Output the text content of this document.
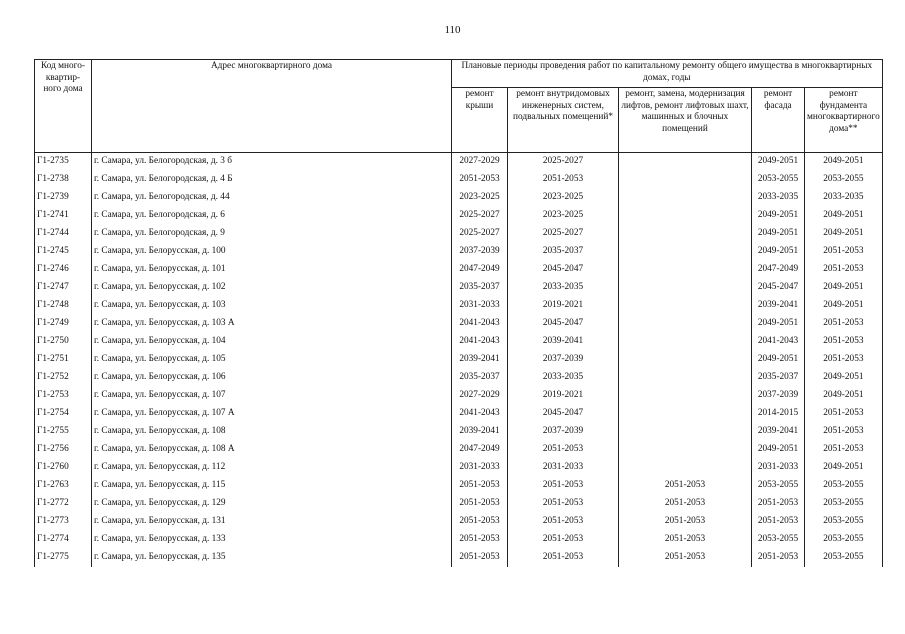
110
Код много-квартир-ного дома	Адрес многоквартирного дома	Плановые периоды проведения работ по капитальному ремонту общего имущества в многоквартирных домах, годы				
		ремонт крыши	ремонт внутридомовых инженерных систем, подвальных помещений*	ремонт, замена, модернизация лифтов, ремонт лифтовых шахт, машинных и блочных помещений	ремонт фасада	ремонт фундамента многоквартирного дома**
Г1-2735	г. Самара, ул. Белогородская, д. 3 б	2027-2029	2025-2027		2049-2051	2049-2051
Г1-2738	г. Самара, ул. Белогородская, д. 4 Б	2051-2053	2051-2053		2053-2055	2053-2055
Г1-2739	г. Самара, ул. Белогородская, д. 44	2023-2025	2023-2025		2033-2035	2033-2035
Г1-2741	г. Самара, ул. Белогородская, д. 6	2025-2027	2023-2025		2049-2051	2049-2051
Г1-2744	г. Самара, ул. Белогородская, д. 9	2025-2027	2025-2027		2049-2051	2049-2051
Г1-2745	г. Самара, ул. Белорусская, д. 100	2037-2039	2035-2037		2049-2051	2051-2053
Г1-2746	г. Самара, ул. Белорусская, д. 101	2047-2049	2045-2047		2047-2049	2051-2053
Г1-2747	г. Самара, ул. Белорусская, д. 102	2035-2037	2033-2035		2045-2047	2049-2051
Г1-2748	г. Самара, ул. Белорусская, д. 103	2031-2033	2019-2021		2039-2041	2049-2051
Г1-2749	г. Самара, ул. Белорусская, д. 103 А	2041-2043	2045-2047		2049-2051	2051-2053
Г1-2750	г. Самара, ул. Белорусская, д. 104	2041-2043	2039-2041		2041-2043	2051-2053
Г1-2751	г. Самара, ул. Белорусская, д. 105	2039-2041	2037-2039		2049-2051	2051-2053
Г1-2752	г. Самара, ул. Белорусская, д. 106	2035-2037	2033-2035		2035-2037	2049-2051
Г1-2753	г. Самара, ул. Белорусская, д. 107	2027-2029	2019-2021		2037-2039	2049-2051
Г1-2754	г. Самара, ул. Белорусская, д. 107 А	2041-2043	2045-2047		2014-2015	2051-2053
Г1-2755	г. Самара, ул. Белорусская, д. 108	2039-2041	2037-2039		2039-2041	2051-2053
Г1-2756	г. Самара, ул. Белорусская, д. 108 А	2047-2049	2051-2053		2049-2051	2051-2053
Г1-2760	г. Самара, ул. Белорусская, д. 112	2031-2033	2031-2033		2031-2033	2049-2051
Г1-2763	г. Самара, ул. Белорусская, д. 115	2051-2053	2051-2053	2051-2053	2053-2055	2053-2055
Г1-2772	г. Самара, ул. Белорусская, д. 129	2051-2053	2051-2053	2051-2053	2051-2053	2053-2055
Г1-2773	г. Самара, ул. Белорусская, д. 131	2051-2053	2051-2053	2051-2053	2051-2053	2053-2055
Г1-2774	г. Самара, ул. Белорусская, д. 133	2051-2053	2051-2053	2051-2053	2053-2055	2053-2055
Г1-2775	г. Самара, ул. Белорусская, д. 135	2051-2053	2051-2053	2051-2053	2051-2053	2053-2055
